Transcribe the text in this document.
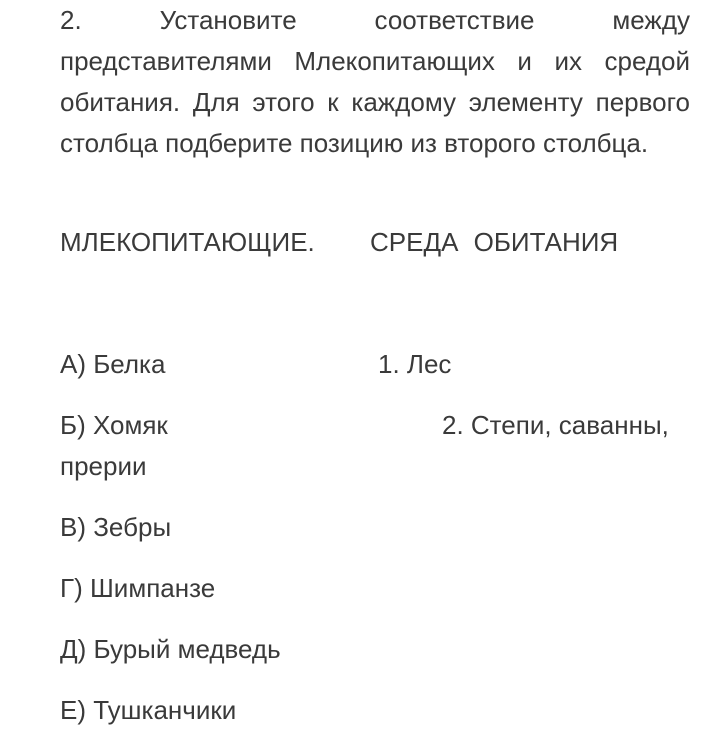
2. Установите соответствие между представителями Млекопитающих и их средой обитания. Для этого к каждому элементу первого столбца подберите позицию из второго столбца.

МЛЕКОПИТАЮЩИЕ. СРЕДА ОБИТАНИЯ
А) Белка	1. Лес
Б) Хомяк	2. Степи, саванны,
прерии
В) Зебры
Г) Шимпанзе
Д) Бурый медведь
Е) Тушканчики
